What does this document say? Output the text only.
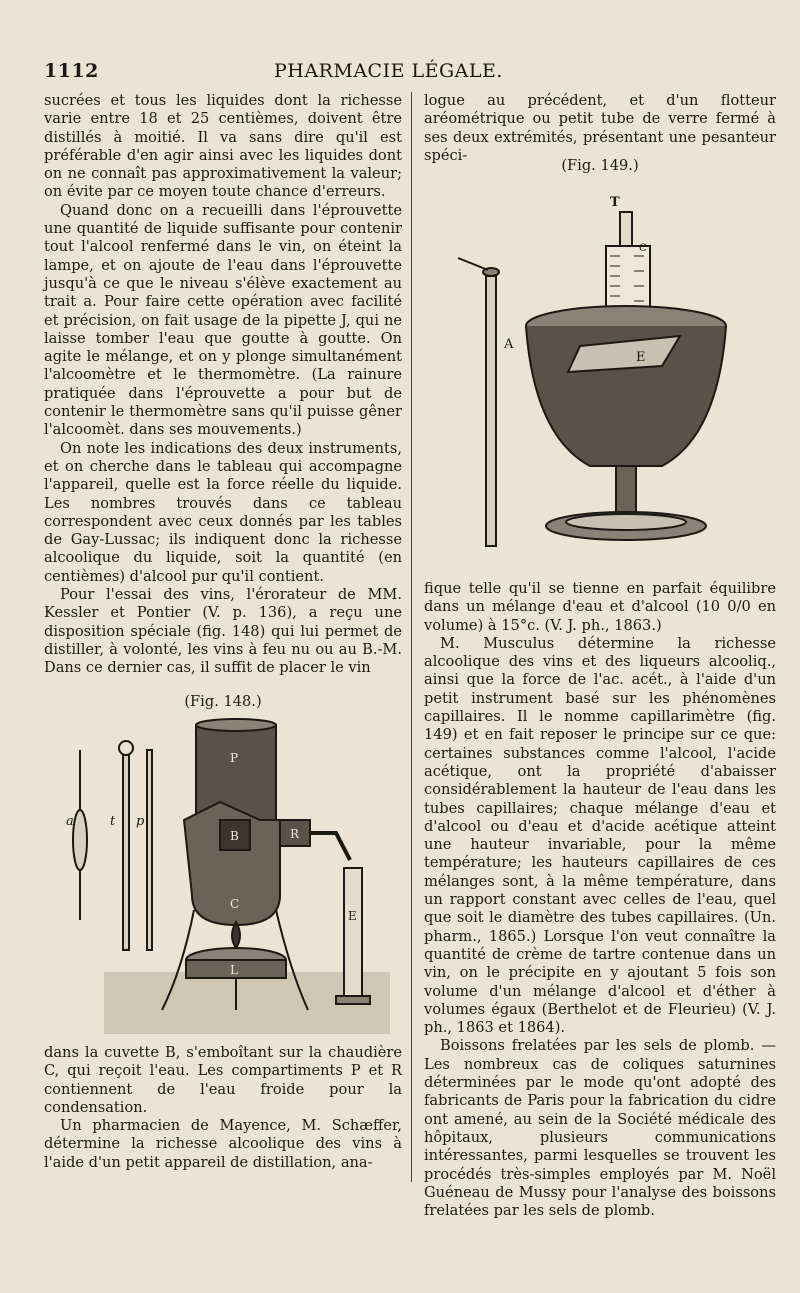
1112	PHARMACIE LÉGALE.

sucrées et tous les liquides dont la richesse varie entre 18 et 25 centièmes, doivent être distillés à moitié. Il va sans dire qu'il est préférable d'en agir ainsi avec les liquides dont on ne connaît pas approximativement la valeur; on évite par ce moyen toute chance d'erreurs.

Quand donc on a recueilli dans l'éprouvette une quantité de liquide suffisante pour contenir tout l'alcool renfermé dans le vin, on éteint la lampe, et on ajoute de l'eau dans l'éprouvette jusqu'à ce que le niveau s'élève exactement au trait a. Pour faire cette opération avec facilité et précision, on fait usage de la pipette J, qui ne laisse tomber l'eau que goutte à goutte. On agite le mélange, et on y plonge simultanément l'alcoomètre et le thermomètre. (La rainure pratiquée dans l'éprouvette a pour but de contenir le thermomètre sans qu'il puisse gêner l'alcoomèt. dans ses mouvements.)

On note les indications des deux instruments, et on cherche dans le tableau qui accompagne l'appareil, quelle est la force réelle du liquide. Les nombres trouvés dans ce tableau correspondent avec ceux donnés par les tables de Gay-Lussac; ils indiquent donc la richesse alcoolique du liquide, soit la quantité (en centièmes) d'alcool pur qu'il contient.

Pour l'essai des vins, l'érorateur de MM. Kessler et Pontier (V. p. 136), a reçu une disposition spéciale (fig. 148) qui lui permet de distiller, à volonté, les vins à feu nu ou au B.-M. Dans ce dernier cas, il suffit de placer le vin

(Fig. 148.)
a	t p
P
B	R
C
L
E

dans la cuvette B, s'emboîtant sur la chaudière C, qui reçoit l'eau. Les compartiments P et R contiennent de l'eau froide pour la condensation.

Un pharmacien de Mayence, M. Schæffer, détermine la richesse alcoolique des vins à l'aide d'un petit appareil de distillation, ana-

logue au précédent, et d'un flotteur aréométrique ou petit tube de verre fermé à ses deux extrémités, présentant une pesanteur spéci-

(Fig. 149.)
T
A
E
C

fique telle qu'il se tienne en parfait équilibre dans un mélange d'eau et d'alcool (10 0/0 en volume) à 15°c. (V. J. ph., 1863.)

M. Musculus détermine la richesse alcoolique des vins et des liqueurs alcooliq., ainsi que la force de l'ac. acét., à l'aide d'un petit instrument basé sur les phénomènes capillaires. Il le nomme capillarimètre (fig. 149) et en fait reposer le principe sur ce que: certaines substances comme l'alcool, l'acide acétique, ont la propriété d'abaisser considérablement la hauteur de l'eau dans les tubes capillaires; chaque mélange d'eau et d'alcool ou d'eau et d'acide acétique atteint une hauteur invariable, pour la même température; les hauteurs capillaires de ces mélanges sont, à la même température, dans un rapport constant avec celles de l'eau, quel que soit le diamètre des tubes capillaires. (Un. pharm., 1865.) Lorsque l'on veut connaître la quantité de crème de tartre contenue dans un vin, on le précipite en y ajoutant 5 fois son volume d'un mélange d'alcool et d'éther à volumes égaux (Berthelot et de Fleurieu) (V. J. ph., 1863 et 1864).

Boissons frelatées par les sels de plomb. — Les nombreux cas de coliques saturnines déterminées par le mode qu'ont adopté des fabricants de Paris pour la fabrication du cidre ont amené, au sein de la Société médicale des hôpitaux, plusieurs communications intéressantes, parmi lesquelles se trouvent les procédés très-simples employés par M. Noël Guéneau de Mussy pour l'analyse des boissons frelatées par les sels de plomb.
